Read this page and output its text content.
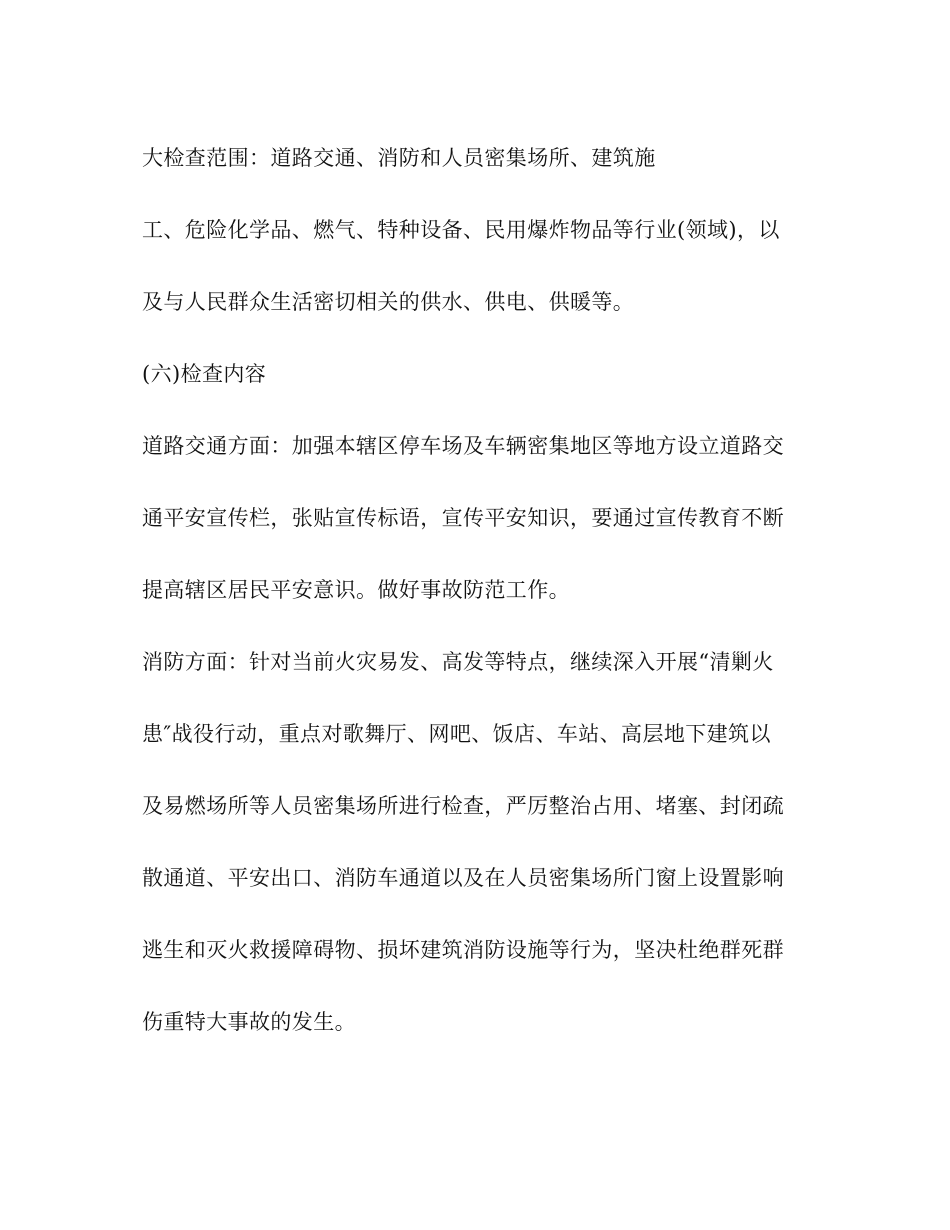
大检查范围：道路交通、消防和人员密集场所、建筑施
工、危险化学品、燃气、特种设备、民用爆炸物品等行业(领域)，以
及与人民群众生活密切相关的供水、供电、供暖等。
(六)检查内容
道路交通方面：加强本辖区停车场及车辆密集地区等地方设立道路交
通平安宣传栏，张贴宣传标语，宣传平安知识，要通过宣传教育不断
提高辖区居民平安意识。做好事故防范工作。
消防方面：针对当前火灾易发、高发等特点，继续深入开展“清剿火
患″战役行动，重点对歌舞厅、网吧、饭店、车站、高层地下建筑以
及易燃场所等人员密集场所进行检查，严厉整治占用、堵塞、封闭疏
散通道、平安出口、消防车通道以及在人员密集场所门窗上设置影响
逃生和灭火救援障碍物、损坏建筑消防设施等行为，坚决杜绝群死群
伤重特大事故的发生。
